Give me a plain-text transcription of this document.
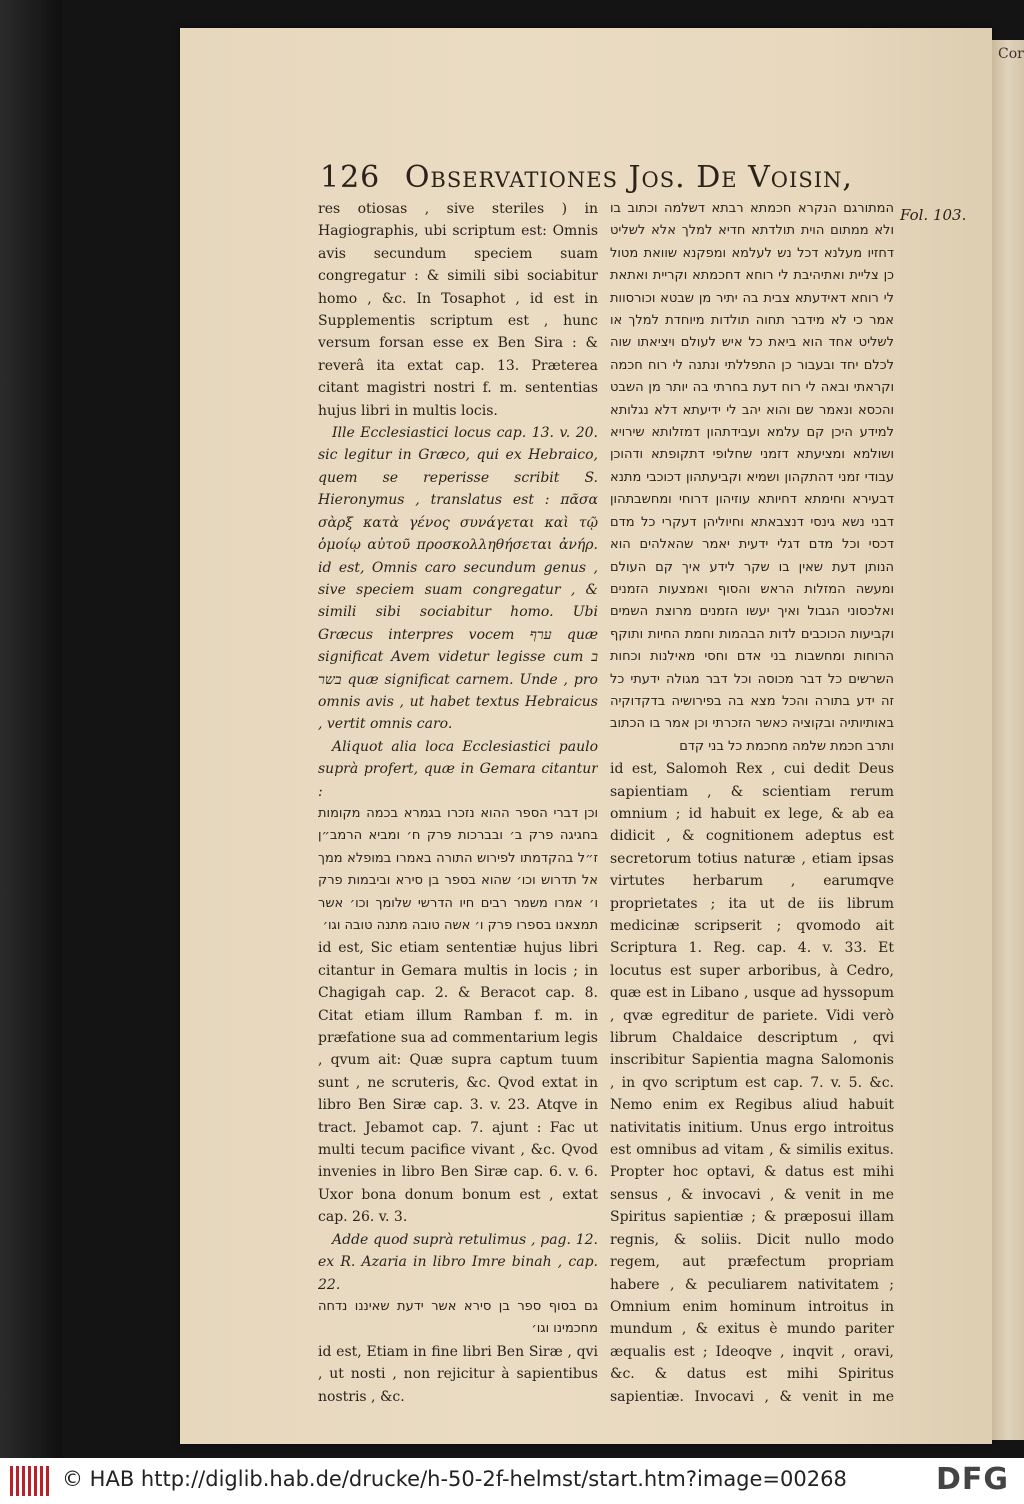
Cor
126 Observationes Jos. De Voisin,
Fol. 103.

res otiosas , sive steriles ) in Hagiographis, ubi scriptum est: Omnis avis secundum speciem suam congregatur : & simili sibi sociabitur homo , &c. In Tosaphot , id est in Supplementis scriptum est , hunc versum forsan esse ex Ben Sira : & reverâ ita extat cap. 13. Præterea citant magistri nostri f. m. sententias hujus libri in multis locis.

Ille Ecclesiastici locus cap. 13. v. 20. sic legitur in Græco, qui ex Hebraico, quem se reperisse scribit S. Hieronymus , translatus est : πᾶσα σὰρξ κατὰ γένος συνάγεται καὶ τῷ ὁμοίῳ αὐτοῦ προσκολληθήσεται ἀνήρ. id est, Omnis caro secundum genus , sive speciem suam congregatur , & simili sibi sociabitur homo. Ubi Græcus interpres vocem ערף quæ significat Avem videtur legisse cum ב בשר quæ significat carnem. Unde , pro omnis avis , ut habet textus Hebraicus , vertit omnis caro.

Aliquot alia loca Ecclesiastici paulo suprà profert, quæ in Gemara citantur :

וכן דברי הספר ההוא נזכרו בגמרא בכמה מקומות בחגיגה פרק ב׳ ובברכות פרק ח׳ ומביא הרמב״ן ז״ל בהקדמתו לפירוש התורה באמרו במופלא ממך אל תדרוש וכו׳ שהוא בספר בן סירא וביבמות פרק ו׳ אמרו משמר רבים חיו הדרשי שלומך וכו׳ אשר תמצאנו בספרו פרק ו׳ אשה טובה מתנה טובה וגו׳

id est, Sic etiam sententiæ hujus libri citantur in Gemara multis in locis ; in Chagigah cap. 2. & Beracot cap. 8. Citat etiam illum Ramban f. m. in præfatione sua ad commentarium legis , qvum ait: Quæ supra captum tuum sunt , ne scruteris, &c. Qvod extat in libro Ben Siræ cap. 3. v. 23. Atqve in tract. Jebamot cap. 7. ajunt : Fac ut multi tecum pacifice vivant , &c. Qvod invenies in libro Ben Siræ cap. 6. v. 6. Uxor bona donum bonum est , extat cap. 26. v. 3.

Adde quod suprà retulimus , pag. 12. ex R. Azaria in libro Imre binah , cap. 22.

גם בסוף ספר בן סירא אשר ידעת שאיננו נדחה מחכמינו וגו׳

id est, Etiam in fine libri Ben Siræ , qvi , ut nosti , non rejicitur à sapientibus nostris , &c.

המתורגם הנקרא חכמתא רבתא דשלמה וכתוב בו ולא ממתום הוית תולדתא חדיא למלך אלא לשליט דחזיו מעלנא דכל נש לעלמא ומפקנא שוואת מטול כן צליית ואתיהיבת לי רוחא דחכמתא וקריית ואתאת לי רוחא דאידעתא צבית בה יתיר מן שבטא וכורסוות אמר כי לא מידבר תחוה תולדות מיוחדת למלך או לשליט אחד הוא ביאת כל איש לעולם ויציאתו שוה לכלם יחד ובעבור כן התפללתי ונתנה לי רוח חכמה וקראתי ובאה לי רוח דעת בחרתי בה יותר מן השבט והכסא ונאמר שם והוא יהב לי ידיעתא דלא נגלותא למידע היכן קם עלמא ועבידתהון דמזלותא שירויא ושולמא ומציעתא דזמני שחלופי דתקופתא ודהוכן עבודי זמני דהתקהון ושמיא וקביעתהון דכוכבי מתנא דבעירא וחימתא דחיותא עוזיהון דרוחי ומחשבתהון דבני נשא גינסי דנצבאתא וחיוליהן דעקרי כל מדם דכסי וכל מדם דגלי ידעית יאמר שהאלהים הוא הנותן דעת שאין בו שקר לידע איך קם העולם ומעשה המזלות הראש והסוף ואמצעות הזמנים ואלכסוני הגבול ואיך יעשו הזמנים מרוצת השמים וקביעות הכוכבים לדות הבהמות וחמת החיות ותוקף הרוחות ומחשבות בני אדם וחסי מאילנות וכחות השרשים כל דבר מכוסה וכל דבר מגולה ידעתי כל זה ידע בתורה והכל מצא בה בפירושיה בדקדוקיה באותיותיה ובקוציה כאשר הזכרתי וכן אמר בו הכתוב ותרב חכמת שלמה מחכמת כל בני קדם

id est, Salomoh Rex , cui dedit Deus sapientiam , & scientiam rerum omnium ; id habuit ex lege, & ab ea didicit , & cognitionem adeptus est secretorum totius naturæ , etiam ipsas virtutes herbarum , earumqve proprietates ; ita ut de iis librum medicinæ scripserit ; qvomodo ait Scriptura 1. Reg. cap. 4. v. 33. Et locutus est super arboribus, à Cedro, quæ est in Libano , usque ad hyssopum , qvæ egreditur de pariete. Vidi verò librum Chaldaice descriptum , qvi inscribitur Sapientia magna Salomonis , in qvo scriptum est cap. 7. v. 5. &c. Nemo enim ex Regibus aliud habuit nativitatis initium. Unus ergo introitus est omnibus ad vitam , & similis exitus. Propter hoc optavi, & datus est mihi sensus , & invocavi , & venit in me Spiritus sapientiæ ; & præposui illam regnis, & soliis. Dicit nullo modo regem, aut præfectum propriam habere , & peculiarem nativitatem ; Omnium enim hominum introitus in mundum , & exitus è mundo pariter æqualis est ; Ideoqve , inqvit , oravi, &c. & datus est mihi Spiritus sapientiæ. Invocavi , & venit in me

© HAB http://diglib.hab.de/drucke/h-50-2f-helmst/start.htm?image=00268	DFG
